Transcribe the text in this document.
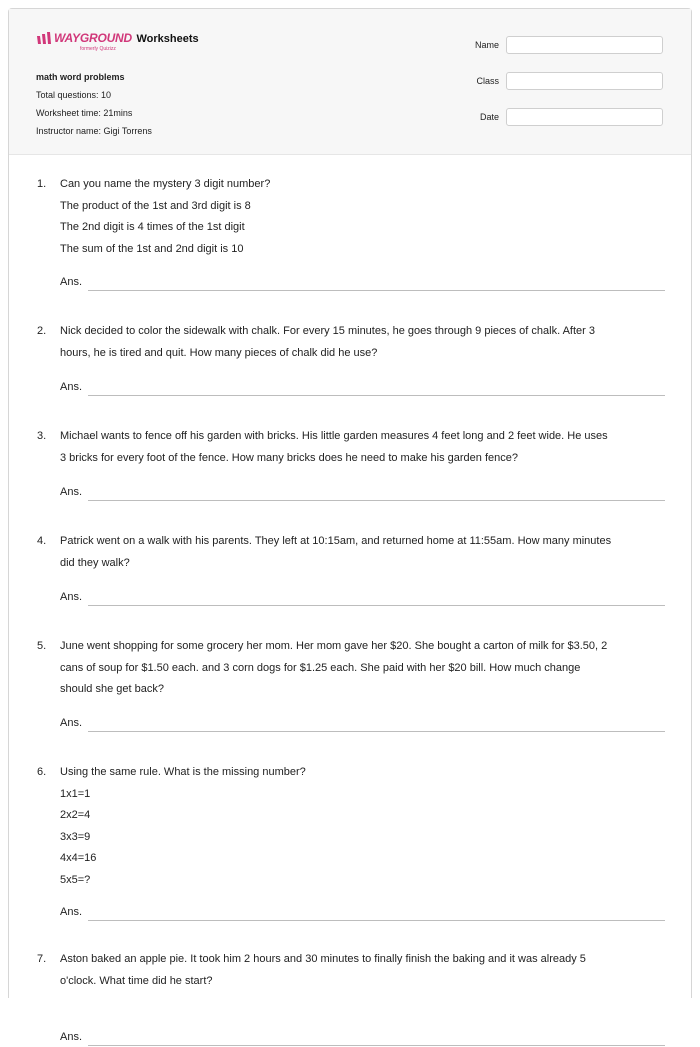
WAYGROUND
formerly Quizizz
Worksheets
math word problems
Total questions: 10
Worksheet time: 21mins
Instructor name: Gigi Torrens
Name
Class
Date
1. Can you name the mystery 3 digit number?
The product of the 1st and 3rd digit is 8
The 2nd digit is 4 times of the 1st digit
The sum of the 1st and 2nd digit is 10
Ans.
2. Nick decided to color the sidewalk with chalk. For every 15 minutes, he goes through 9 pieces of chalk. After 3
hours, he is tired and quit. How many pieces of chalk did he use?
Ans.
3. Michael wants to fence off his garden with bricks. His little garden measures 4 feet long and 2 feet wide. He uses
3 bricks for every foot of the fence. How many bricks does he need to make his garden fence?
Ans.
4. Patrick went on a walk with his parents. They left at 10:15am, and returned home at 11:55am. How many minutes
did they walk?
Ans.
5. June went shopping for some grocery her mom. Her mom gave her $20. She bought a carton of milk for $3.50, 2
cans of soup for $1.50 each. and 3 corn dogs for $1.25 each. She paid with her $20 bill. How much change
should she get back?
Ans.
6. Using the same rule. What is the missing number?
1x1=1
2x2=4
3x3=9
4x4=16
5x5=?
Ans.
7. Aston baked an apple pie. It took him 2 hours and 30 minutes to finally finish the baking and it was already 5
o'clock. What time did he start?
Ans.
